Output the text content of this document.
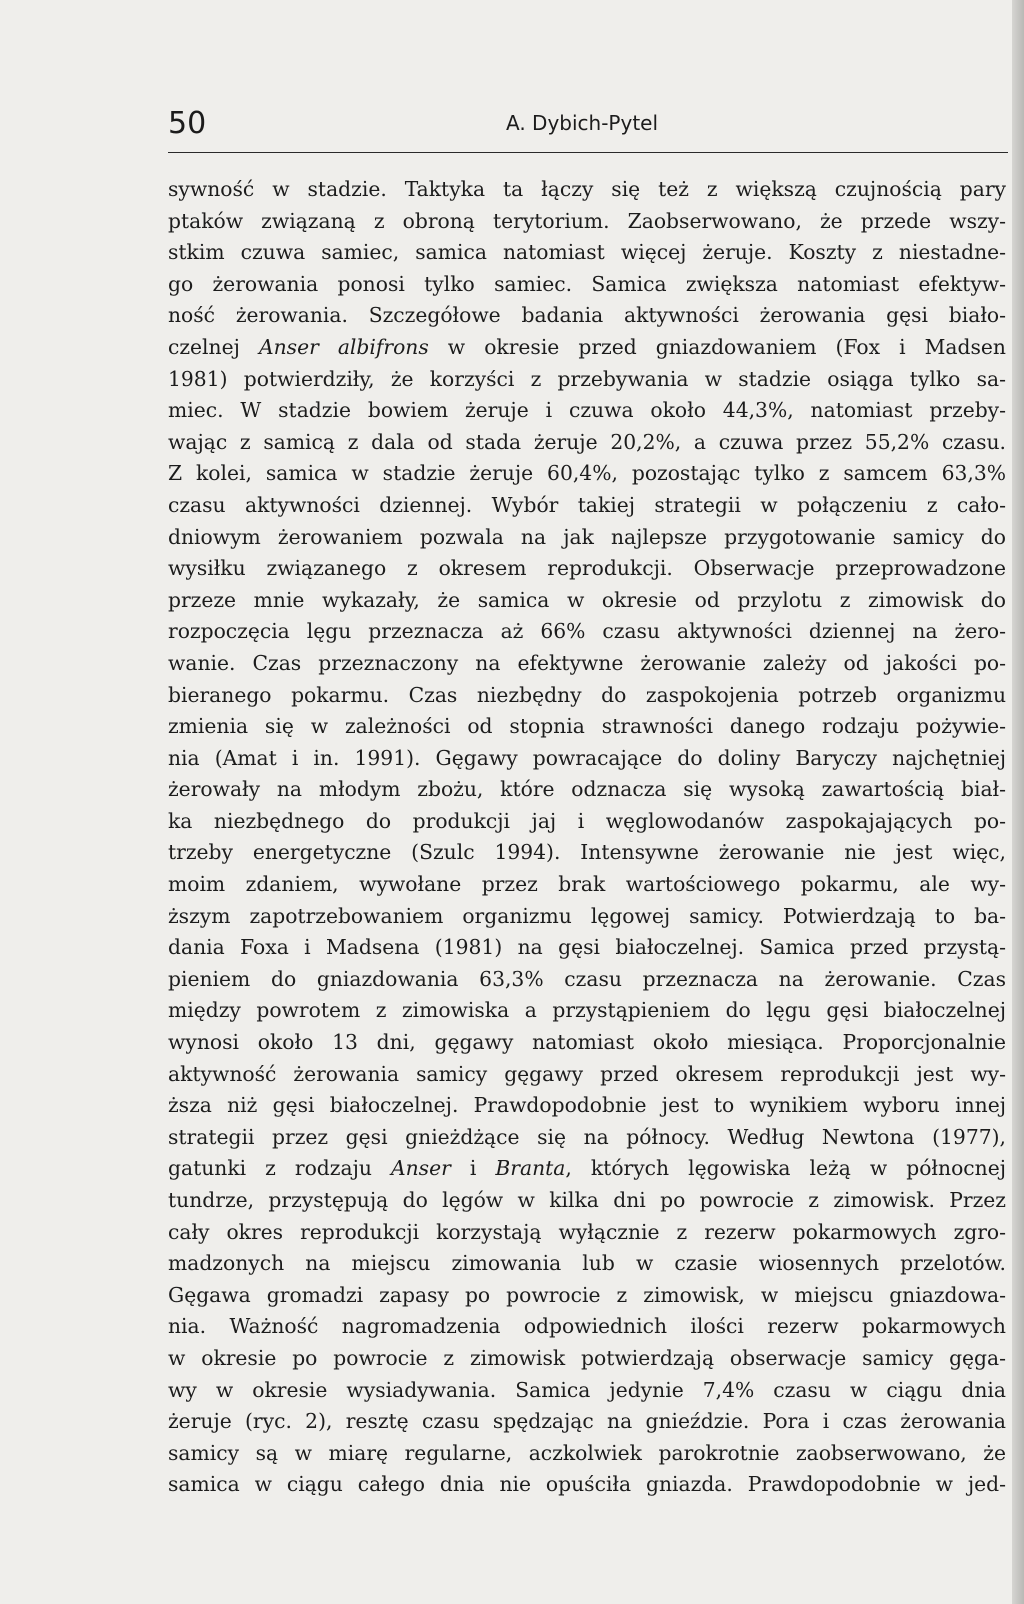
50	A. Dybich-Pytel
sywność w stadzie. Taktyka ta łączy się też z większą czujnością pary
ptaków związaną z obroną terytorium. Zaobserwowano, że przede wszy-
stkim czuwa samiec, samica natomiast więcej żeruje. Koszty z niestadne-
go żerowania ponosi tylko samiec. Samica zwiększa natomiast efektyw-
ność żerowania. Szczegółowe badania aktywności żerowania gęsi biało-
czelnej Anser albifrons w okresie przed gniazdowaniem (Fox i Madsen
1981) potwierdziły, że korzyści z przebywania w stadzie osiąga tylko sa-
miec. W stadzie bowiem żeruje i czuwa około 44,3%, natomiast przeby-
wając z samicą z dala od stada żeruje 20,2%, a czuwa przez 55,2% czasu.
Z kolei, samica w stadzie żeruje 60,4%, pozostając tylko z samcem 63,3%
czasu aktywności dziennej. Wybór takiej strategii w połączeniu z cało-
dniowym żerowaniem pozwala na jak najlepsze przygotowanie samicy do
wysiłku związanego z okresem reprodukcji. Obserwacje przeprowadzone
przeze mnie wykazały, że samica w okresie od przylotu z zimowisk do
rozpoczęcia lęgu przeznacza aż 66% czasu aktywności dziennej na żero-
wanie. Czas przeznaczony na efektywne żerowanie zależy od jakości po-
bieranego pokarmu. Czas niezbędny do zaspokojenia potrzeb organizmu
zmienia się w zależności od stopnia strawności danego rodzaju pożywie-
nia (Amat i in. 1991). Gęgawy powracające do doliny Baryczy najchętniej
żerowały na młodym zbożu, które odznacza się wysoką zawartością biał-
ka niezbędnego do produkcji jaj i węglowodanów zaspokajających po-
trzeby energetyczne (Szulc 1994). Intensywne żerowanie nie jest więc,
moim zdaniem, wywołane przez brak wartościowego pokarmu, ale wy-
ższym zapotrzebowaniem organizmu lęgowej samicy. Potwierdzają to ba-
dania Foxa i Madsena (1981) na gęsi białoczelnej. Samica przed przystą-
pieniem do gniazdowania 63,3% czasu przeznacza na żerowanie. Czas
między powrotem z zimowiska a przystąpieniem do lęgu gęsi białoczelnej
wynosi około 13 dni, gęgawy natomiast około miesiąca. Proporcjonalnie
aktywność żerowania samicy gęgawy przed okresem reprodukcji jest wy-
ższa niż gęsi białoczelnej. Prawdopodobnie jest to wynikiem wyboru innej
strategii przez gęsi gnieżdżące się na północy. Według Newtona (1977),
gatunki z rodzaju Anser i Branta, których lęgowiska leżą w północnej
tundrze, przystępują do lęgów w kilka dni po powrocie z zimowisk. Przez
cały okres reprodukcji korzystają wyłącznie z rezerw pokarmowych zgro-
madzonych na miejscu zimowania lub w czasie wiosennych przelotów.
Gęgawa gromadzi zapasy po powrocie z zimowisk, w miejscu gniazdowa-
nia. Ważność nagromadzenia odpowiednich ilości rezerw pokarmowych
w okresie po powrocie z zimowisk potwierdzają obserwacje samicy gęga-
wy w okresie wysiadywania. Samica jedynie 7,4% czasu w ciągu dnia
żeruje (ryc. 2), resztę czasu spędzając na gnieździe. Pora i czas żerowania
samicy są w miarę regularne, aczkolwiek parokrotnie zaobserwowano, że
samica w ciągu całego dnia nie opuściła gniazda. Prawdopodobnie w jed-
